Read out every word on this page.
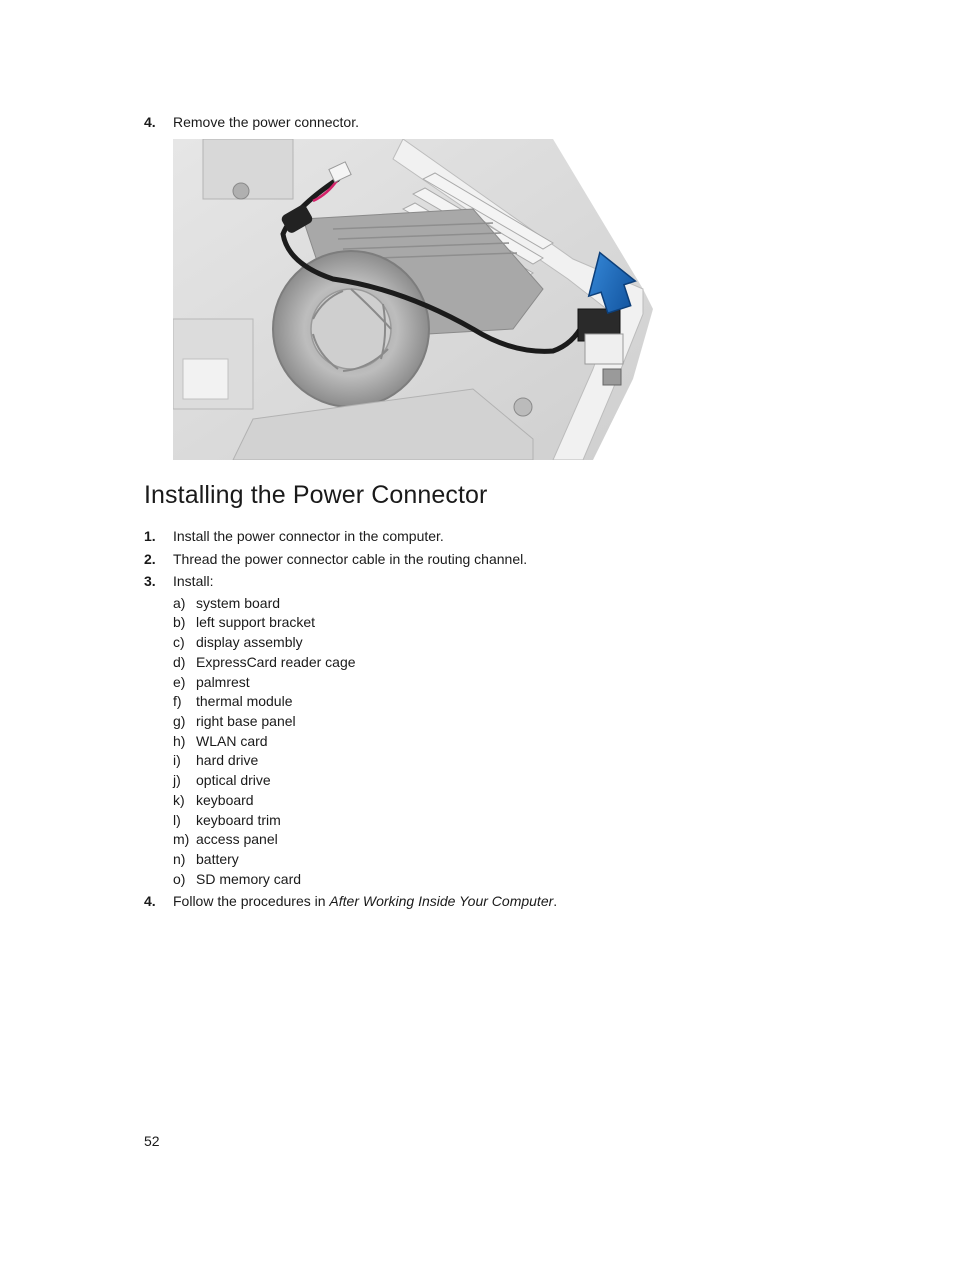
4. Remove the power connector.
Installing the Power Connector
1. Install the power connector in the computer.
2. Thread the power connector cable in the routing channel.
3. Install:
a) system board
b) left support bracket
c) display assembly
d) ExpressCard reader cage
e) palmrest
f) thermal module
g) right base panel
h) WLAN card
i) hard drive
j) optical drive
k) keyboard
l) keyboard trim
m) access panel
n) battery
o) SD memory card
4. Follow the procedures in After Working Inside Your Computer.
52
